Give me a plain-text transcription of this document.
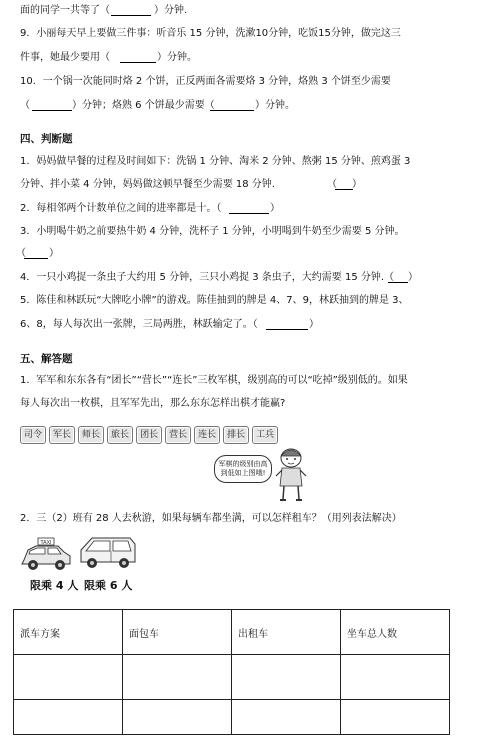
面的同学一共等了（	）分钟.
9．小丽每天早上要做三件事：听音乐 15 分钟，洗漱10分钟，吃饭15分钟，做完这三
件事，她最少要用（	）分钟。
10．一个锅一次能同时烙 2 个饼，正反两面各需要烙 3 分钟，烙熟 3 个饼至少需要
（	）分钟；烙熟 6 个饼最少需要（	）分钟。
四、判断题
1．妈妈做早餐的过程及时间如下：洗锅 1 分钟、淘米 2 分钟、熬粥 15 分钟、煎鸡蛋 3
分钟、拌小菜 4 分钟，妈妈做这顿早餐至少需要 18 分钟.	（ ）
2．每相邻两个计数单位之间的进率都是十。（	）
3．小明喝牛奶之前要热牛奶 4 分钟，洗杯子 1 分钟，小明喝到牛奶至少需要 5 分钟。
（ ）
4．一只小鸡捉一条虫子大约用 5 分钟，三只小鸡捉 3 条虫子，大约需要 15 分钟.（ ）
5．陈佳和林跃玩“大牌吃小牌”的游戏。陈佳抽到的牌是 4、7、9，林跃抽到的牌是 3、
6、8，每人每次出一张牌，三局两胜，林跃输定了。（	）
五、解答题
1．军军和东东各有“团长”“营长”“连长”三枚军棋，级别高的可以“吃掉”级别低的。如果
每人每次出一枚棋，且军军先出，那么东东怎样出棋才能赢?
司令	军长	师长	旅长	团长	营长	连长	排长	工兵
军棋的级别由高
到低如上图哦!
2．三（2）班有 28 人去秋游，如果每辆车都坐满，可以怎样租车？（用列表法解决）
TAXI
限乘 4 人 限乘 6 人
派车方案	面包车	出租车	坐车总人数
